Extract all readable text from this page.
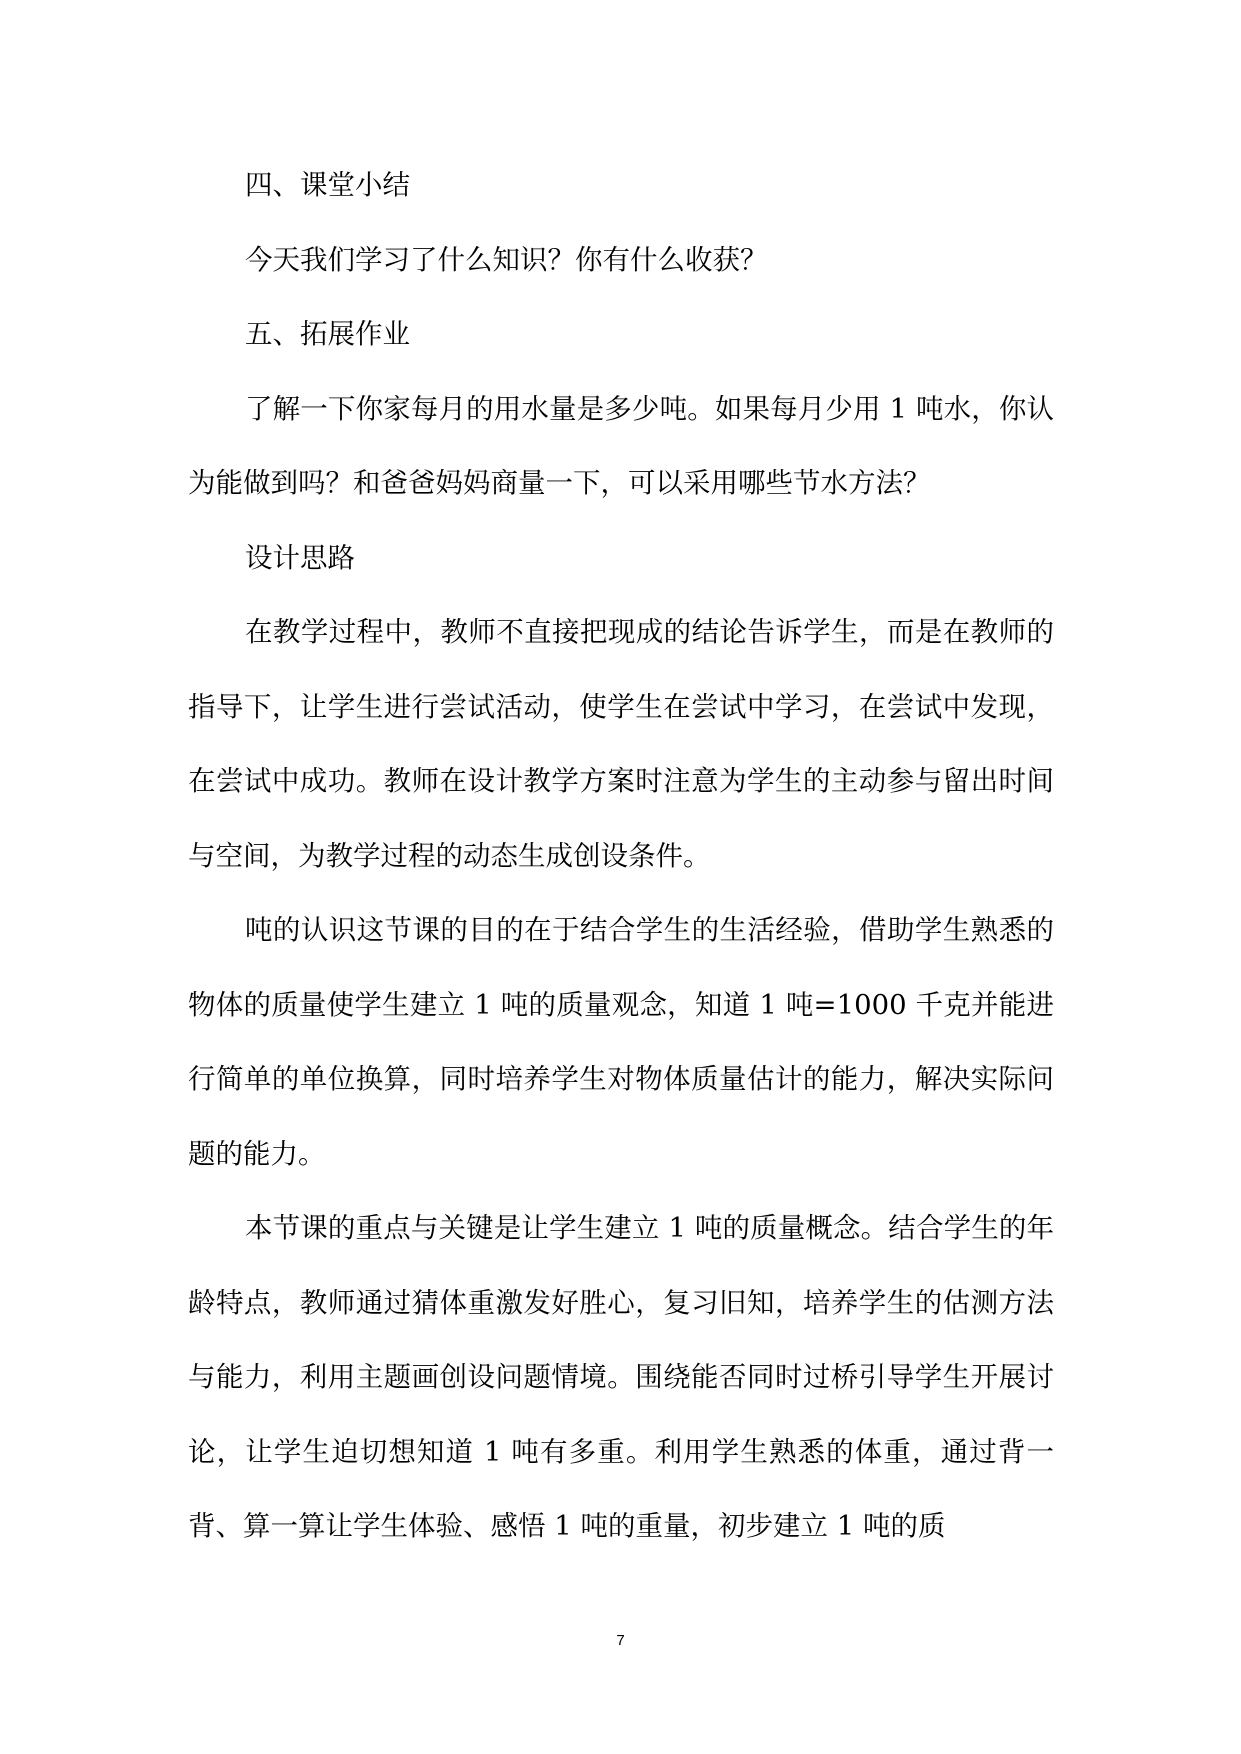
四、课堂小结

今天我们学习了什么知识？你有什么收获？

五、拓展作业

了解一下你家每月的用水量是多少吨。如果每月少用 1 吨水，你认为能做到吗？和爸爸妈妈商量一下，可以采用哪些节水方法？

设计思路

在教学过程中，教师不直接把现成的结论告诉学生，而是在教师的指导下，让学生进行尝试活动，使学生在尝试中学习，在尝试中发现，在尝试中成功。教师在设计教学方案时注意为学生的主动参与留出时间与空间，为教学过程的动态生成创设条件。

吨的认识这节课的目的在于结合学生的生活经验，借助学生熟悉的物体的质量使学生建立 1 吨的质量观念，知道 1 吨=1000 千克并能进行简单的单位换算，同时培养学生对物体质量估计的能力，解决实际问题的能力。

本节课的重点与关键是让学生建立 1 吨的质量概念。结合学生的年龄特点，教师通过猜体重激发好胜心，复习旧知，培养学生的估测方法与能力，利用主题画创设问题情境。围绕能否同时过桥引导学生开展讨论，让学生迫切想知道 1 吨有多重。利用学生熟悉的体重，通过背一背、算一算让学生体验、感悟 1 吨的重量，初步建立 1 吨的质

7
